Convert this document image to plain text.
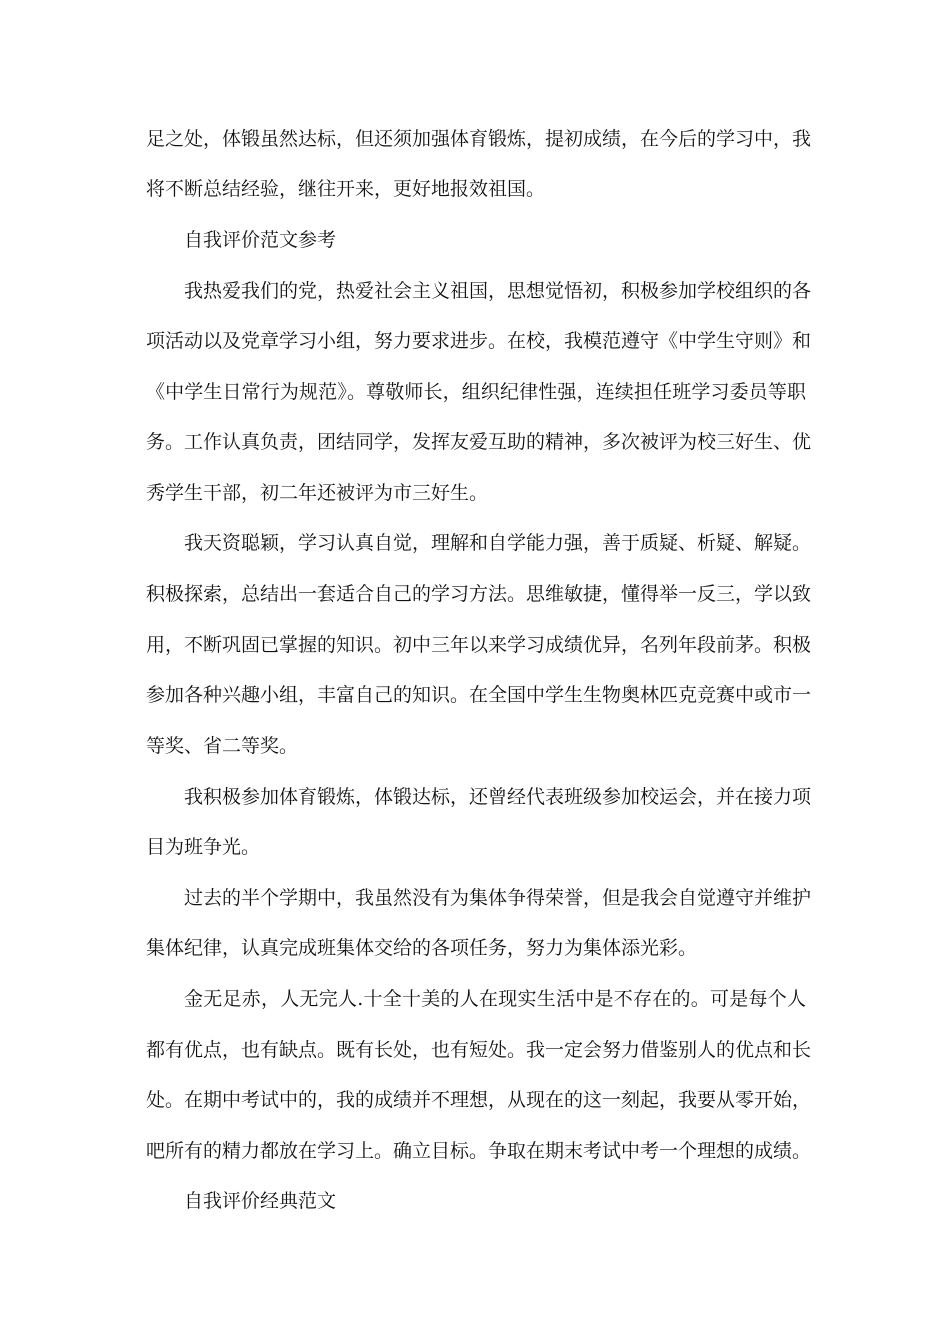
足之处，体锻虽然达标，但还须加强体育锻炼，提初成绩，在今后的学习中，我
将不断总结经验，继往开来，更好地报效祖国。
自我评价范文参考
我热爱我们的党，热爱社会主义祖国，思想觉悟初，积极参加学校组织的各
项活动以及党章学习小组，努力要求进步。在校，我模范遵守《中学生守则》和
《中学生日常行为规范》。尊敬师长，组织纪律性强，连续担任班学习委员等职
务。工作认真负责，团结同学，发挥友爱互助的精神，多次被评为校三好生、优
秀学生干部，初二年还被评为市三好生。
我天资聪颖，学习认真自觉，理解和自学能力强，善于质疑、析疑、解疑。
积极探索，总结出一套适合自己的学习方法。思维敏捷，懂得举一反三，学以致
用，不断巩固已掌握的知识。初中三年以来学习成绩优异，名列年段前茅。积极
参加各种兴趣小组，丰富自己的知识。在全国中学生生物奥林匹克竞赛中或市一
等奖、省二等奖。
我积极参加体育锻炼，体锻达标，还曾经代表班级参加校运会，并在接力项
目为班争光。
过去的半个学期中，我虽然没有为集体争得荣誉，但是我会自觉遵守并维护
集体纪律，认真完成班集体交给的各项任务，努力为集体添光彩。
金无足赤，人无完人.十全十美的人在现实生活中是不存在的。可是每个人
都有优点，也有缺点。既有长处，也有短处。我一定会努力借鉴别人的优点和长
处。在期中考试中的，我的成绩并不理想，从现在的这一刻起，我要从零开始，
吧所有的精力都放在学习上。确立目标。争取在期末考试中考一个理想的成绩。
自我评价经典范文
